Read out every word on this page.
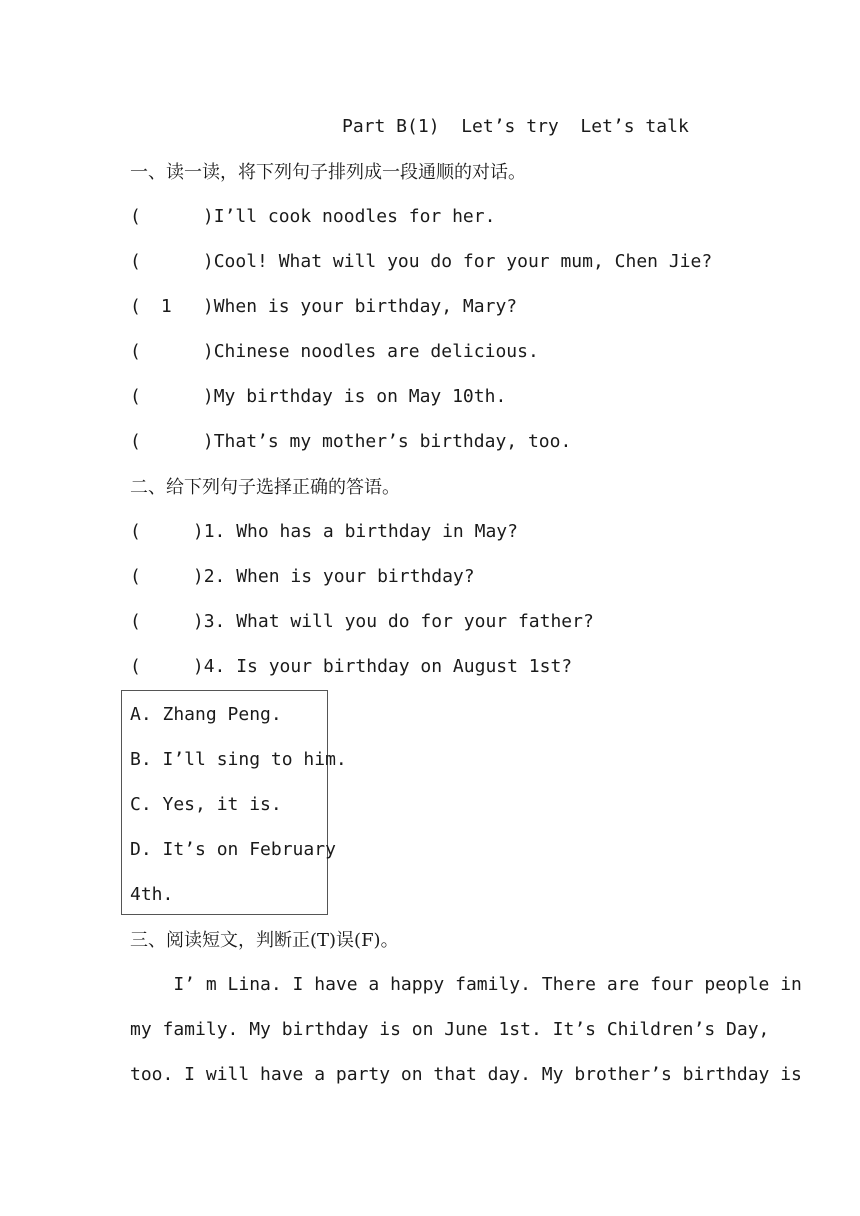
Part B(1)  Let’s try  Let’s talk
一、读一读，将下列句子排列成一段通顺的对话。
(	)I’ll cook noodles for her.
(	)Cool! What will you do for your mum, Chen Jie?
( 1 )When is your birthday, Mary?
(	)Chinese noodles are delicious.
(	)My birthday is on May 10th.
(	)That’s my mother’s birthday, too.
二、给下列句子选择正确的答语。
(	)1. Who has a birthday in May?
(	)2. When is your birthday?
(	)3. What will you do for your father?
(	)4. Is your birthday on August 1st?
A. Zhang Peng.
B. I’ll sing to him.
C. Yes, it is.
D. It’s on February
4th.
三、阅读短文，判断正(T)误(F)。
I’ m Lina. I have a happy family. There are four people in
my family. My birthday is on June 1st. It’s Children’s Day,
too. I will have a party on that day. My brother’s birthday is
